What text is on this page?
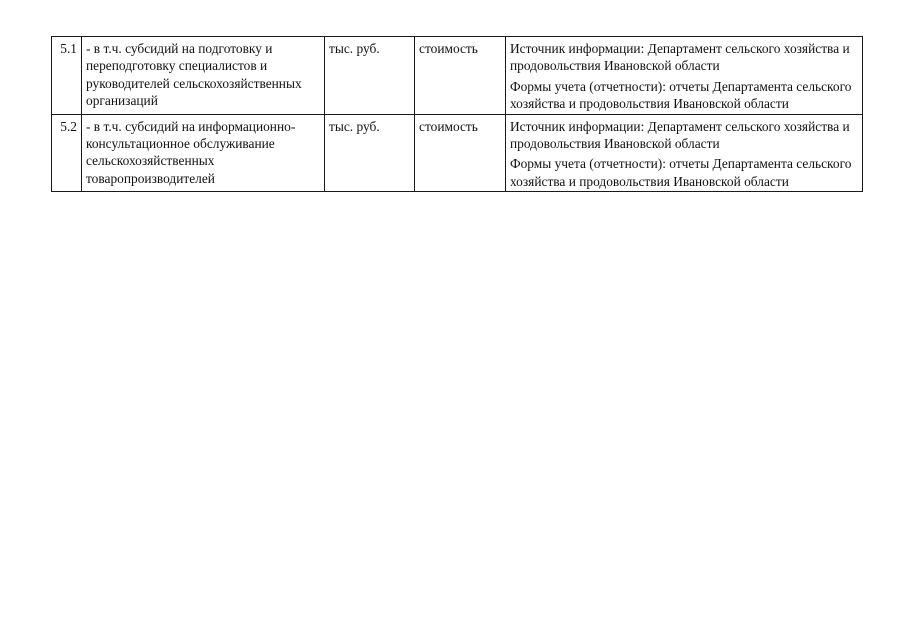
5.1	- в т.ч. субсидий на подготовку и переподготовку специалистов и руководителей сельскохозяйственных организаций	тыс. руб.	стоимость	Источник информации: Департамент сельского хозяйства и продовольствия Ивановской области
Формы учета (отчетности): отчеты Департамента сельского хозяйства и продовольствия Ивановской области

5.2	- в т.ч. субсидий на информационно-консультационное обслуживание сельскохозяйственных товаропроизводителей	тыс. руб.	стоимость	Источник информации: Департамент сельского хозяйства и продовольствия Ивановской области
Формы учета (отчетности): отчеты Департамента сельского хозяйства и продовольствия Ивановской области
